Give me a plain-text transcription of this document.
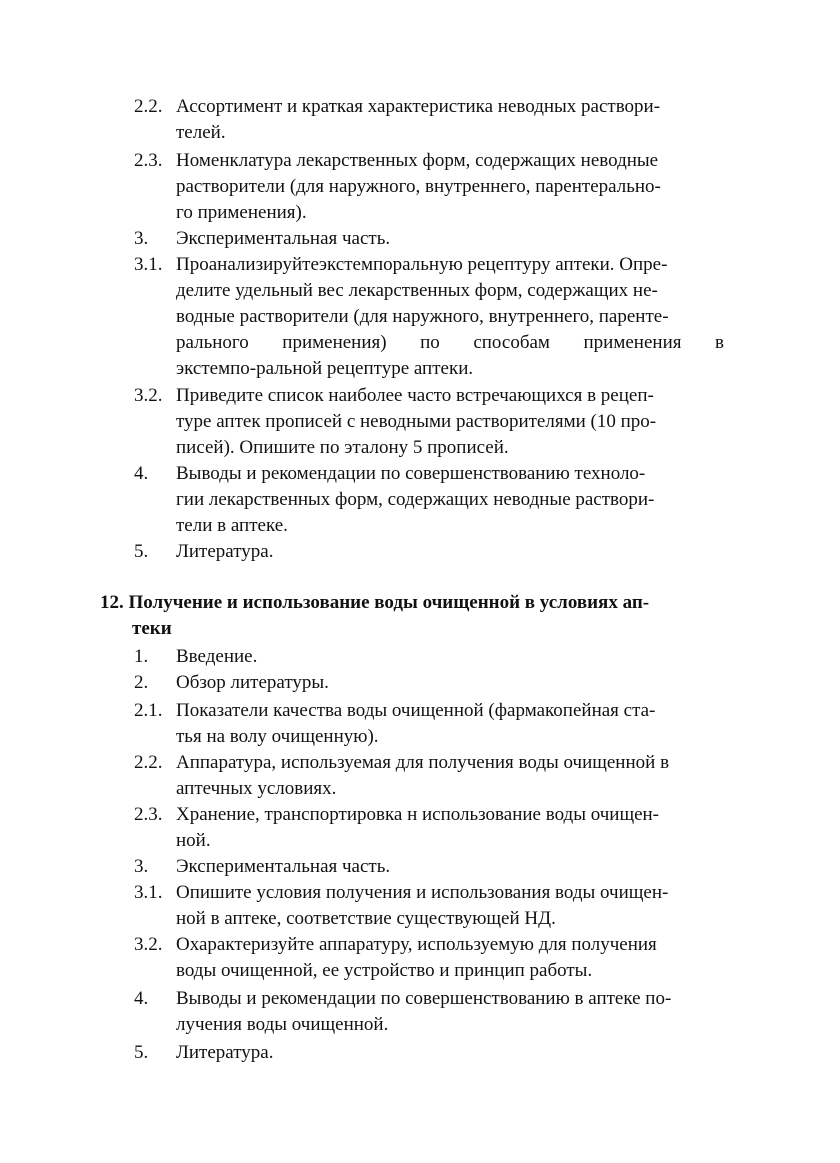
2.2. Ассортимент и краткая характеристика неводных раствори-
телей.
2.3. Номенклатура лекарственных форм, содержащих неводные
растворители (для наружного, внутреннего, парентерально-
го применения).
3. Экспериментальная часть.
3.1. Проанализируйтеэкстемпоральную рецептуру аптеки. Опре-
делите удельный вес лекарственных форм, содержащих не-
водные растворители (для наружного, внутреннего, паренте-
рального применения) по способам применения в
экстемпо-ральной рецептуре аптеки.
3.2. Приведите список наиболее часто встречающихся в рецеп-
туре аптек прописей с неводными растворителями (10 про-
писей). Опишите по эталону 5 прописей.
4. Выводы и рекомендации по совершенствованию техноло-
гии лекарственных форм, содержащих неводные раствори-
тели в аптеке.
5. Литература.
12. Получение и использование воды очищенной в условиях ап-
теки
1. Введение.
2. Обзор литературы.
2.1. Показатели качества воды очищенной (фармакопейная ста-
тья на волу очищенную).
2.2. Аппаратура, используемая для получения воды очищенной в
аптечных условиях.
2.3. Хранение, транспортировка н использование воды очищен-
ной.
3. Экспериментальная часть.
3.1. Опишите условия получения и использования воды очищен-
ной в аптеке, соответствие существующей НД.
3.2. Охарактеризуйте аппаратуру, используемую для получения
воды очищенной, ее устройство и принцип работы.
4. Выводы и рекомендации по совершенствованию в аптеке по-
лучения воды очищенной.
5. Литература.
